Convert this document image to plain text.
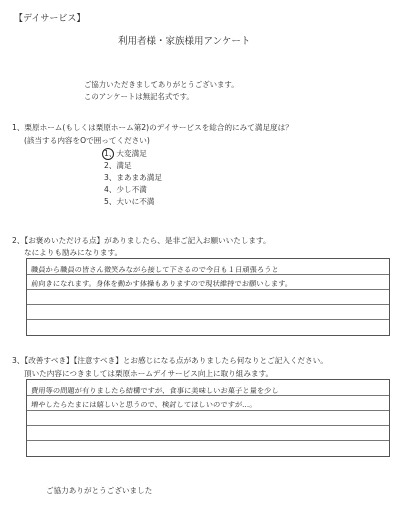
【デイサービス】
利用者様・家族様用アンケート
ご協力いただきましてありがとうございます。
このアンケートは無記名式です。
1、栗原ホーム(もしくは栗原ホーム第2)のデイサービスを総合的にみて満足度は？
(該当する内容をOで囲ってください)
1、大変満足
2、満足
3、まあまあ満足
4、少し不満
5、大いに不満
2、【お褒めいただける点】がありましたら、是非ご記入お願いいたします。
なによりも励みになります。
職員から職員の皆さん微笑みながら接して下さるので今日も１日頑張ろうと
前向きになれます。身体を動かす体操もありますので現状維持でお願いします。
3、【改善すべき】【注意すべき】とお感じになる点がありましたら何なりとご記入ください。
頂いた内容につきましては栗原ホームデイサービス向上に取り組みます。
費用等の問題が有りましたら結構ですが、食事に美味しいお菓子と量を少し
増やしたらたまには嬉しいと思うので、検討してほしいのですが…。
ご協力ありがとうございました
